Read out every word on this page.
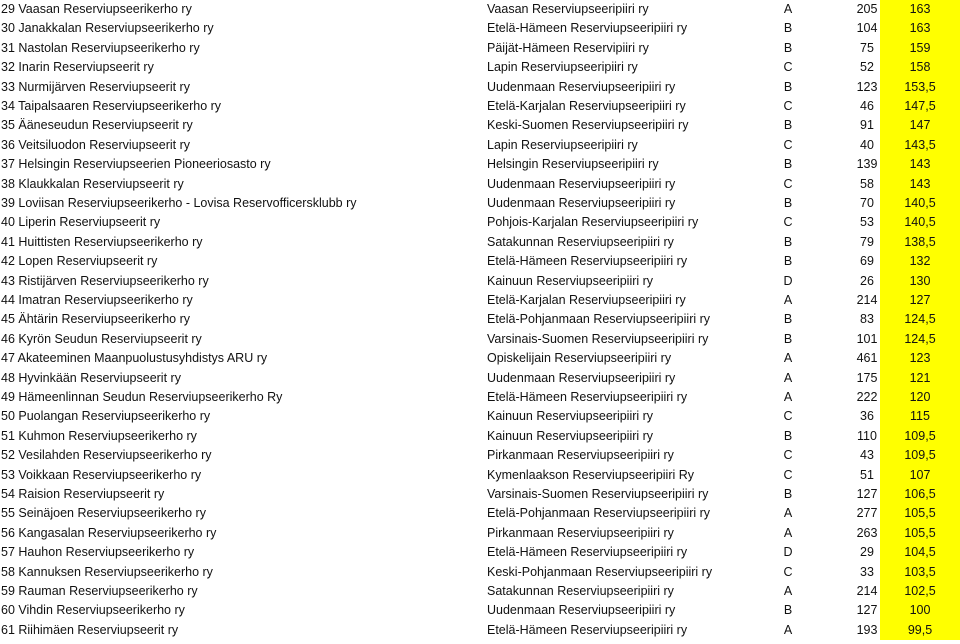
29 Vaasan Reserviupseerikerho ry	Vaasan Reserviupseeripiiri ry	A	205	163
30 Janakkalan Reserviupseerikerho ry	Etelä-Hämeen Reserviupseeripiiri ry	B	104	163
31 Nastolan Reserviupseerikerho ry	Päijät-Hämeen Reservipiiri ry	B	75	159
32 Inarin Reserviupseerit ry	Lapin Reserviupseeripiiri ry	C	52	158
33 Nurmijärven Reserviupseerit ry	Uudenmaan Reserviupseeripiiri ry	B	123	153,5
34 Taipalsaaren Reserviupseerikerho ry	Etelä-Karjalan Reserviupseeripiiri ry	C	46	147,5
35 Ääneseudun Reserviupseerit ry	Keski-Suomen Reserviupseeripiiri ry	B	91	147
36 Veitsiluodon Reserviupseerit ry	Lapin Reserviupseeripiiri ry	C	40	143,5
37 Helsingin Reserviupseerien Pioneeriosasto ry	Helsingin Reserviupseeripiiri ry	B	139	143
38 Klaukkalan Reserviupseerit ry	Uudenmaan Reserviupseeripiiri ry	C	58	143
39 Loviisan Reserviupseerikerho - Lovisa Reservofficersklubb ry	Uudenmaan Reserviupseeripiiri ry	B	70	140,5
40 Liperin Reserviupseerit ry	Pohjois-Karjalan Reserviupseeripiiri ry	C	53	140,5
41 Huittisten Reserviupseerikerho ry	Satakunnan Reserviupseeripiiri ry	B	79	138,5
42 Lopen Reserviupseerit ry	Etelä-Hämeen Reserviupseeripiiri ry	B	69	132
43 Ristijärven Reserviupseerikerho ry	Kainuun Reserviupseeripiiri ry	D	26	130
44 Imatran Reserviupseerikerho ry	Etelä-Karjalan Reserviupseeripiiri ry	A	214	127
45 Ähtärin Reserviupseerikerho ry	Etelä-Pohjanmaan Reserviupseeripiiri ry	B	83	124,5
46 Kyrön Seudun Reserviupseerit ry	Varsinais-Suomen Reserviupseeripiiri ry	B	101	124,5
47 Akateeminen Maanpuolustusyhdistys ARU ry	Opiskelijain Reserviupseeripiiri ry	A	461	123
48 Hyvinkään Reserviupseerit ry	Uudenmaan Reserviupseeripiiri ry	A	175	121
49 Hämeenlinnan Seudun Reserviupseerikerho Ry	Etelä-Hämeen Reserviupseeripiiri ry	A	222	120
50 Puolangan Reserviupseerikerho ry	Kainuun Reserviupseeripiiri ry	C	36	115
51 Kuhmon Reserviupseerikerho ry	Kainuun Reserviupseeripiiri ry	B	110	109,5
52 Vesilahden Reserviupseerikerho ry	Pirkanmaan Reserviupseeripiiri ry	C	43	109,5
53 Voikkaan Reserviupseerikerho ry	Kymenlaakson Reserviupseeripiiri Ry	C	51	107
54 Raision Reserviupseerit ry	Varsinais-Suomen Reserviupseeripiiri ry	B	127	106,5
55 Seinäjoen Reserviupseerikerho ry	Etelä-Pohjanmaan Reserviupseeripiiri ry	A	277	105,5
56 Kangasalan Reserviupseerikerho ry	Pirkanmaan Reserviupseeripiiri ry	A	263	105,5
57 Hauhon Reserviupseerikerho ry	Etelä-Hämeen Reserviupseeripiiri ry	D	29	104,5
58 Kannuksen Reserviupseerikerho ry	Keski-Pohjanmaan Reserviupseeripiiri ry	C	33	103,5
59 Rauman Reserviupseerikerho ry	Satakunnan Reserviupseeripiiri ry	A	214	102,5
60 Vihdin Reserviupseerikerho ry	Uudenmaan Reserviupseeripiiri ry	B	127	100
61 Riihimäen Reserviupseerit ry	Etelä-Hämeen Reserviupseeripiiri ry	A	193	99,5
